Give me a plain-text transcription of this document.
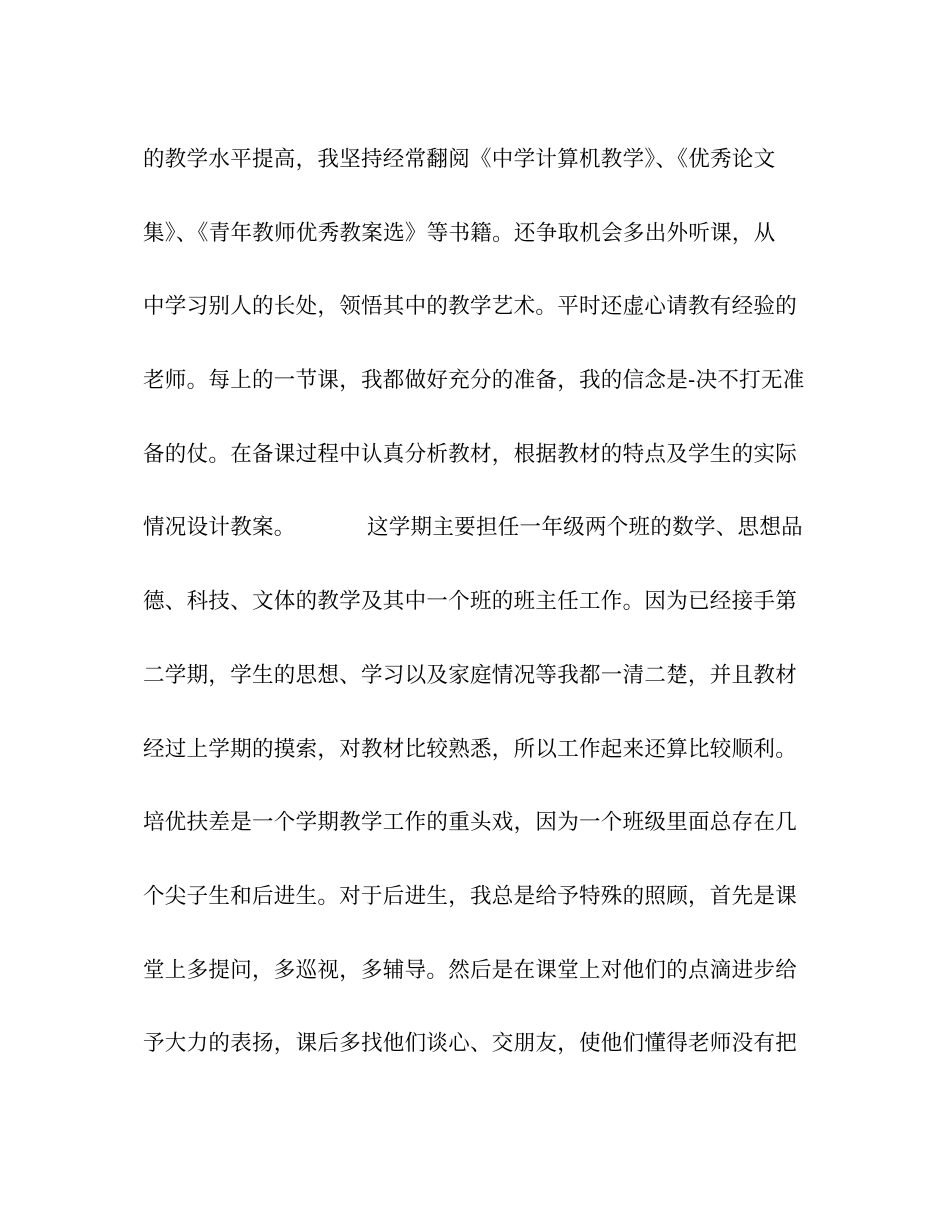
的教学水平提高，我坚持经常翻阅《中学计算机教学》、《优秀论文
集》、《青年教师优秀教案选》等书籍。还争取机会多出外听课，从
中学习别人的长处，领悟其中的教学艺术。平时还虚心请教有经验的
老师。每上的一节课，我都做好充分的准备，我的信念是-决不打无准
备的仗。在备课过程中认真分析教材，根据教材的特点及学生的实际
情况设计教案。          这学期主要担任一年级两个班的数学、思想品
德、科技、文体的教学及其中一个班的班主任工作。因为已经接手第
二学期，学生的思想、学习以及家庭情况等我都一清二楚，并且教材
经过上学期的摸索，对教材比较熟悉，所以工作起来还算比较顺利。
培优扶差是一个学期教学工作的重头戏，因为一个班级里面总存在几
个尖子生和后进生。对于后进生，我总是给予特殊的照顾，首先是课
堂上多提问，多巡视，多辅导。然后是在课堂上对他们的点滴进步给
予大力的表扬，课后多找他们谈心、交朋友，使他们懂得老师没有把
